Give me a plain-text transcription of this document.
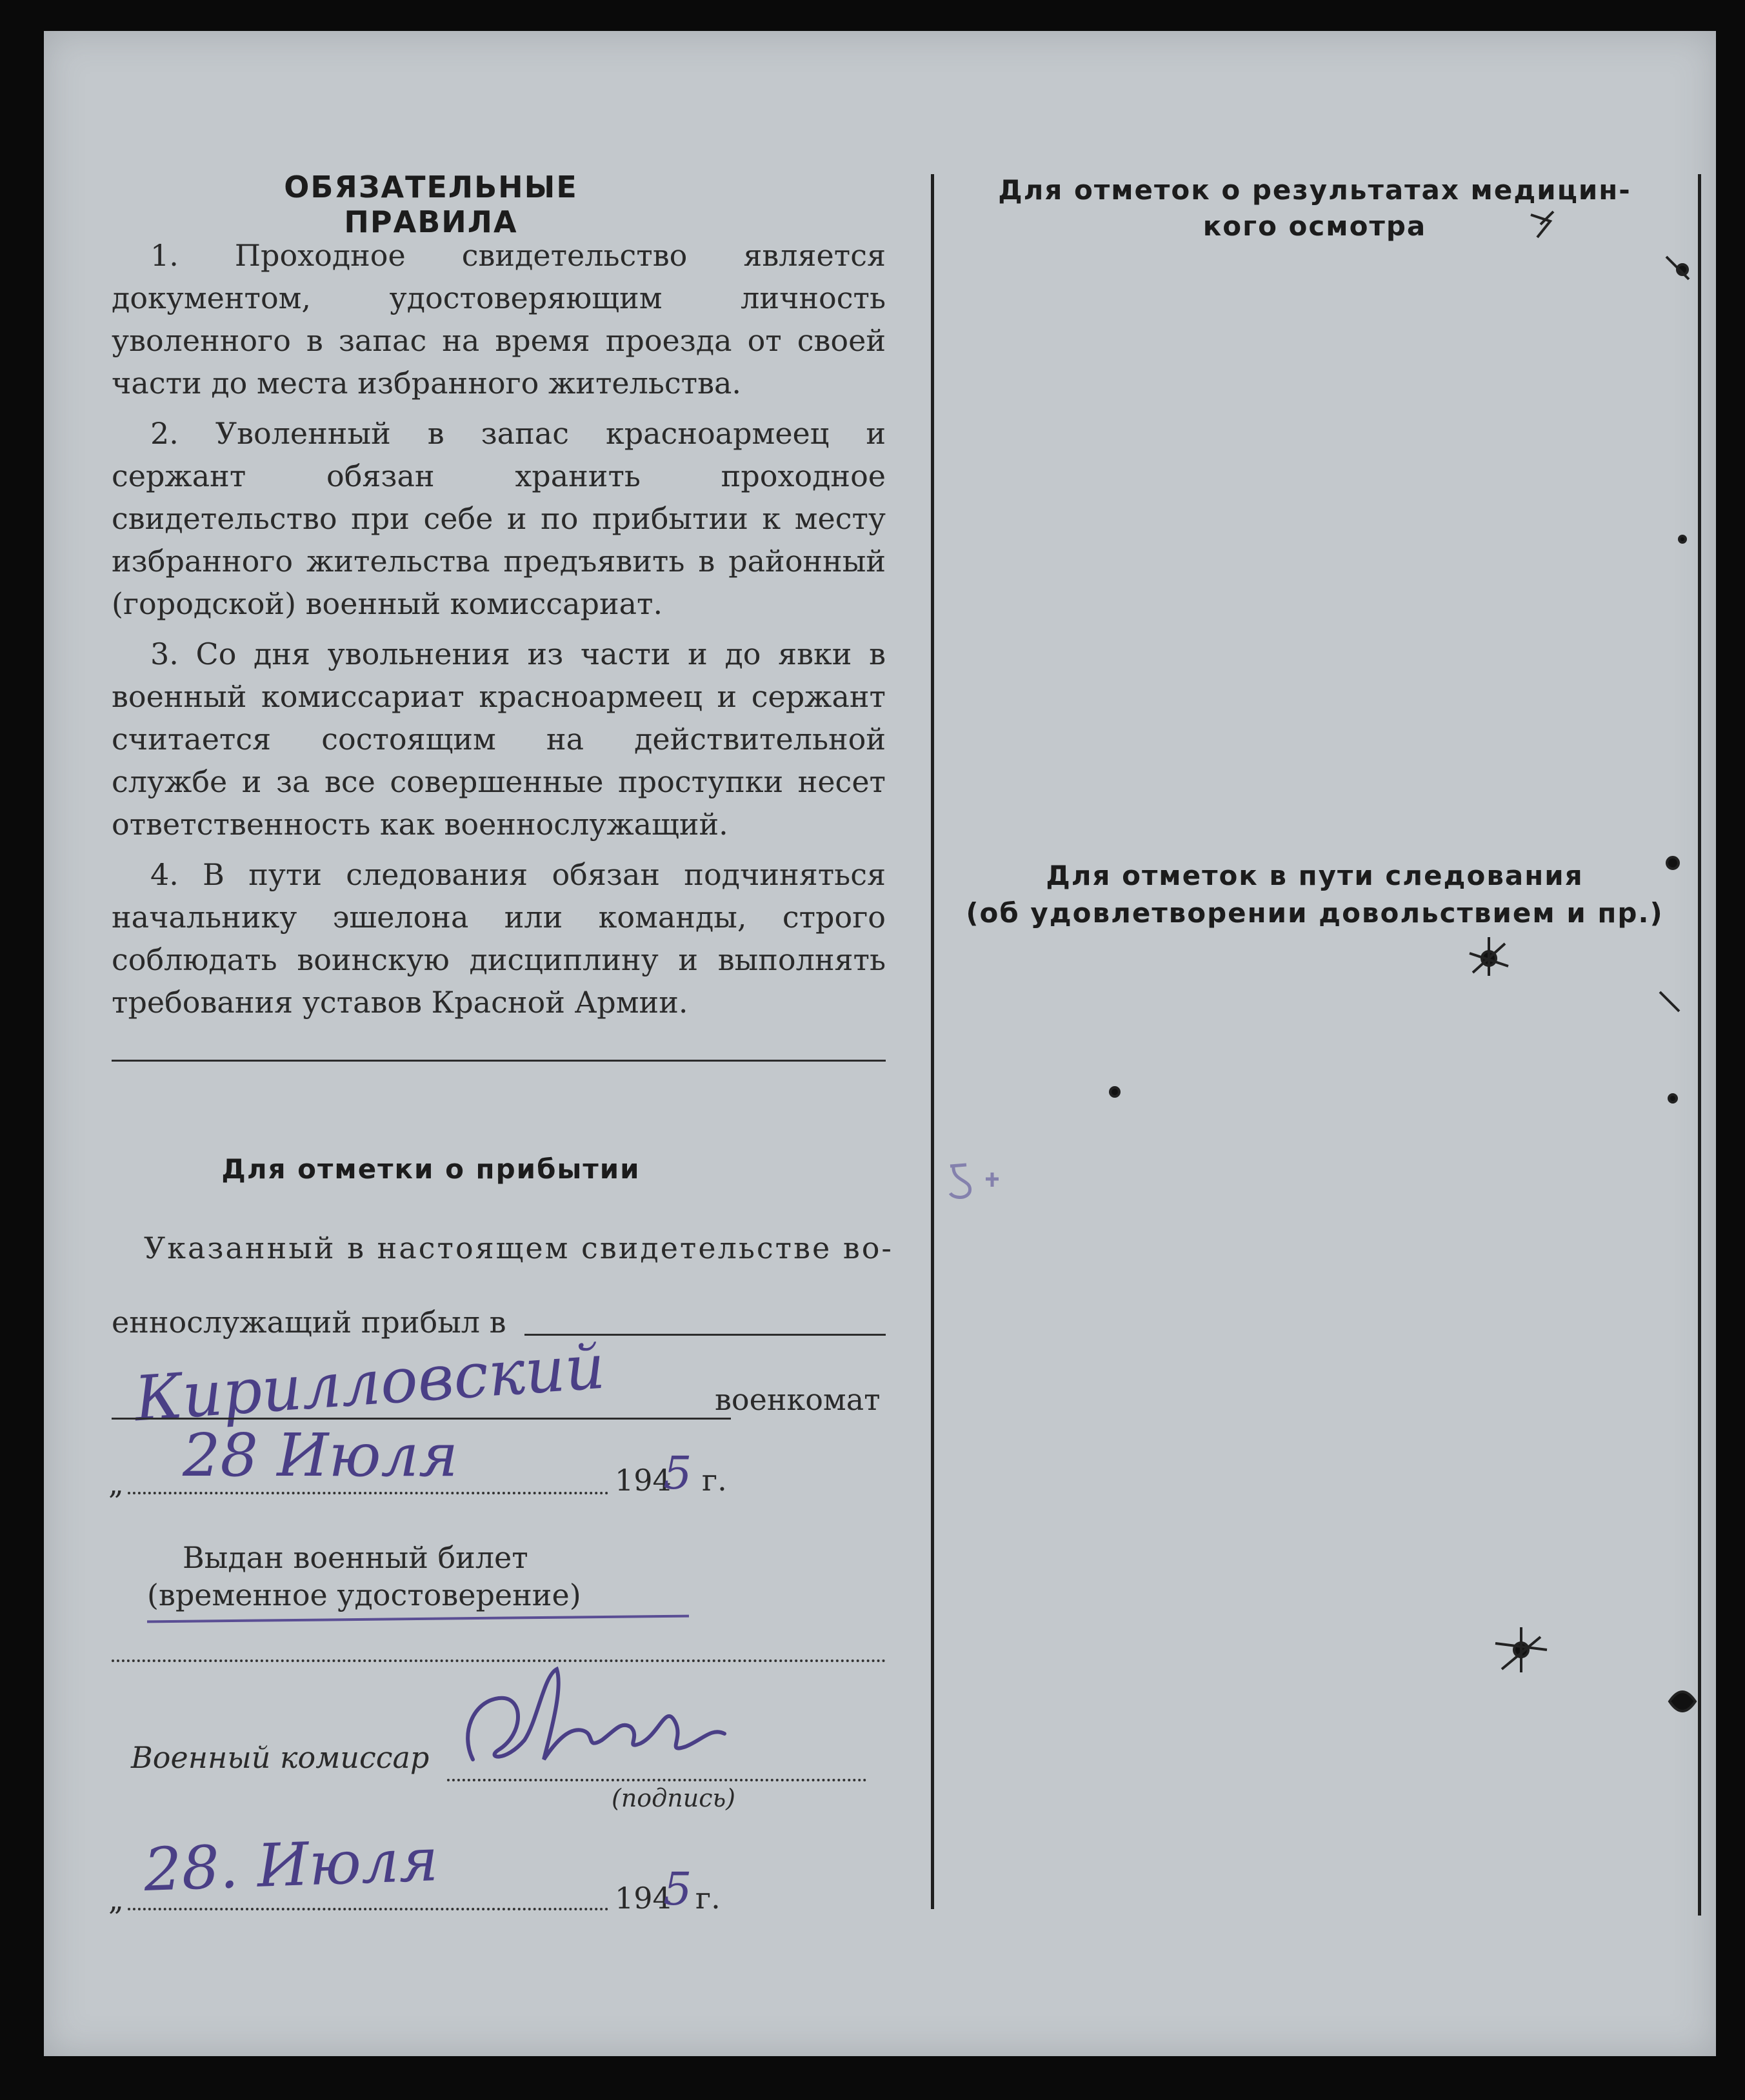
ОБЯЗАТЕЛЬНЫЕ ПРАВИЛА

1. Проходное свидетельство является документом, удостоверяющим личность уволенного в запас на время проезда от своей части до места избранного жительства.

2. Уволенный в запас красноармеец и сержант обязан хранить проходное свидетельство при себе и по прибытии к месту избранного жительства предъявить в районный (городской) военный комиссариат.

3. Со дня увольнения из части и до явки в военный комиссариат красноармеец и сержант считается состоящим на действительной службе и за все совершенные проступки несет ответственность как военнослужащий.

4. В пути следования обязан подчиняться начальнику эшелона или команды, строго соблюдать воинскую дисциплину и выполнять требования уставов Красной Армии.

Для отметки о прибытии
Указанный в настоящем свидетельстве во-
еннослужащий прибыл в
Кирилловский	военкомат
„ 28 Июля	194
5 г.
Выдан военный билет
(временное удостоверение)
Военный комиссар
(подпись)
„ 28. Июля	194
5 г.
Для отметок о результатах медицин-
кого осмотра
Для отметок в пути следования
(об удовлетворении довольствием и пр.)
